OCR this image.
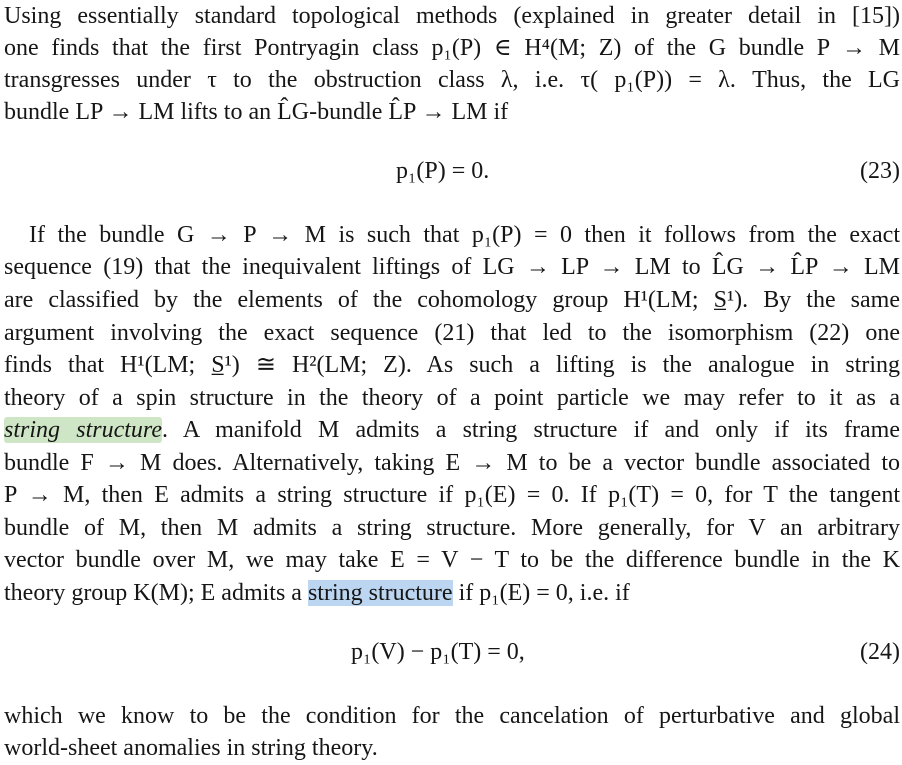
Using essentially standard topological methods (explained in greater detail in [15])
one finds that the first Pontryagin class p₁(P) ∈ H⁴(M; Z) of the G bundle P → M
transgresses under τ to the obstruction class λ, i.e. τ( p₁(P)) = λ. Thus, the LG
bundle LP → LM lifts to an L̂G-bundle L̂P → LM if
p₁(P) = 0.	(23)
If the bundle G → P → M is such that p₁(P) = 0 then it follows from the exact
sequence (19) that the inequivalent liftings of LG → LP → LM to L̂G → L̂P → LM
are classified by the elements of the cohomology group H¹(LM; S̲¹). By the same
argument involving the exact sequence (21) that led to the isomorphism (22) one
finds that H¹(LM; S̲¹) ≅ H²(LM; Z). As such a lifting is the analogue in string
theory of a spin structure in the theory of a point particle we may refer to it as a
string structure. A manifold M admits a string structure if and only if its frame
bundle F → M does. Alternatively, taking E → M to be a vector bundle associated to
P → M, then E admits a string structure if p₁(E) = 0. If p₁(T) = 0, for T the tangent
bundle of M, then M admits a string structure. More generally, for V an arbitrary
vector bundle over M, we may take E = V − T to be the difference bundle in the K
theory group K(M); E admits a string structure if p₁(E) = 0, i.e. if
p₁(V) − p₁(T) = 0,	(24)
which we know to be the condition for the cancelation of perturbative and global
world-sheet anomalies in string theory.
